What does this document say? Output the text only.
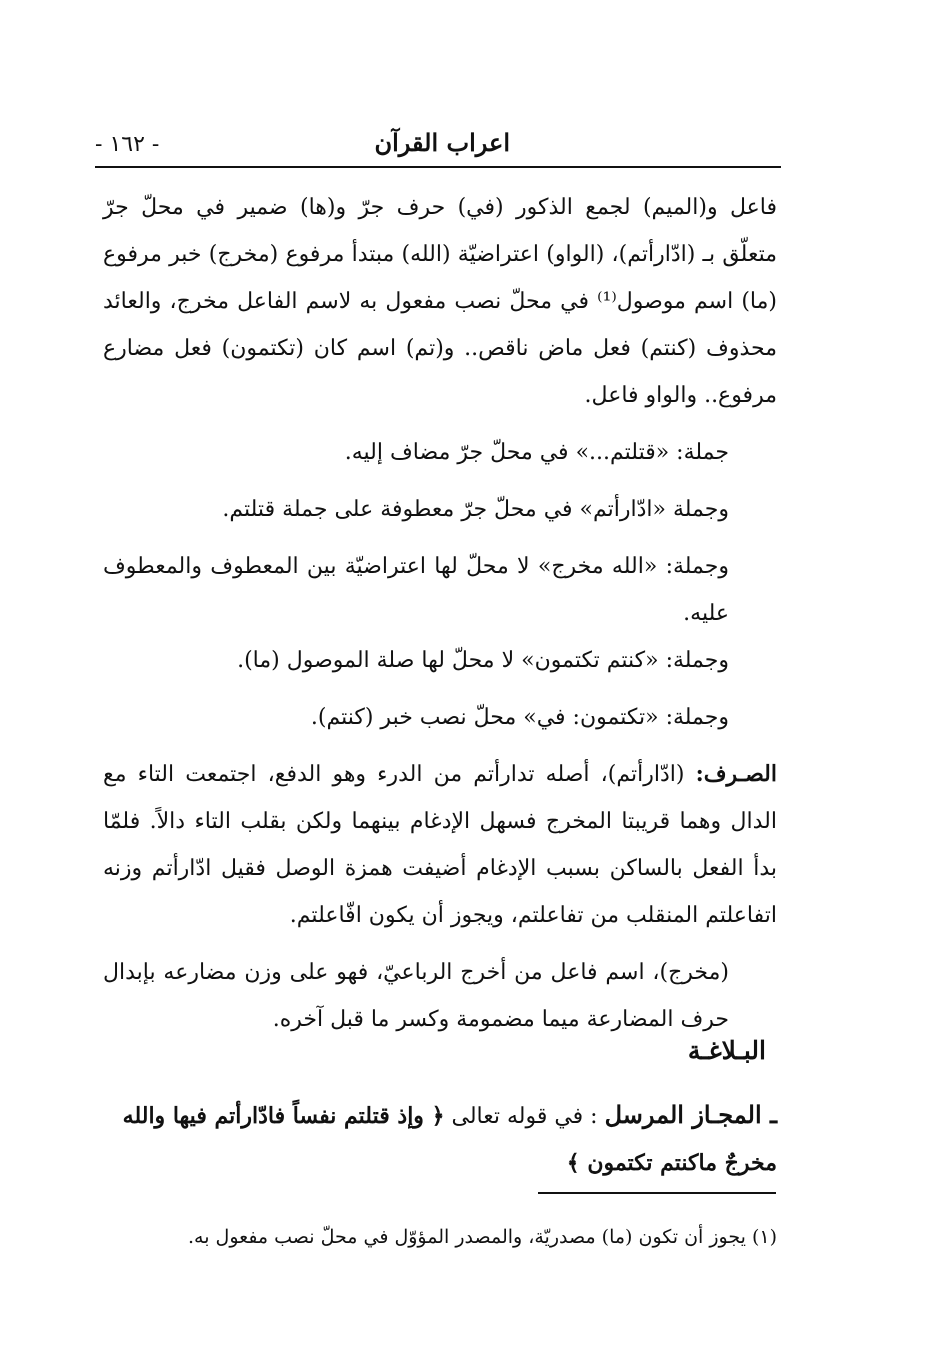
اعراب القرآن
- ١٦٢ -

فاعل و(الميم) لجمع الذكور (في) حرف جرّ و(ها) ضمير في محلّ جرّ متعلّق بـ (ادّارأتم)، (الواو) اعتراضيّة (الله) مبتدأ مرفوع (مخرج) خبر مرفوع (ما) اسم موصول⁽¹⁾ في محلّ نصب مفعول به لاسم الفاعل مخرج، والعائد محذوف (كنتم) فعل ماض ناقص.. و(تم) اسم كان (تكتمون) فعل مضارع مرفوع.. والواو فاعل.

جملة: «قتلتم...» في محلّ جرّ مضاف إليه.

وجملة «ادّارأتم» في محلّ جرّ معطوفة على جملة قتلتم.

وجملة: «الله مخرج» لا محلّ لها اعتراضيّة بين المعطوف والمعطوف عليه.

وجملة: «كنتم تكتمون» لا محلّ لها صلة الموصول (ما).

وجملة: «تكتمون: في» محلّ نصب خبر (كنتم).

الصـرف: (ادّارأتم)، أصله تدارأتم من الدرء وهو الدفع، اجتمعت التاء مع الدال وهما قريبتا المخرج فسهل الإدغام بينهما ولكن بقلب التاء دالاً. فلمّا بدأ الفعل بالساكن بسبب الإدغام أضيفت همزة الوصل فقيل ادّارأتم وزنه اتفاعلتم المنقلب من تفاعلتم، ويجوز أن يكون افّاعلتم.

(مخرج)، اسم فاعل من أخرج الرباعيّ، فهو على وزن مضارعه بإبدال حرف المضارعة ميما مضمومة وكسر ما قبل آخره.

البـلاغـة
ـ المجـاز المرسل : في قوله تعالى ﴿ وإذ قتلتم نفساً فادّارأتم فيها والله مخرجٌ ماكنتم تكتمون ﴾
(١) يجوز أن تكون (ما) مصدريّة، والمصدر المؤوّل في محلّ نصب مفعول به.
